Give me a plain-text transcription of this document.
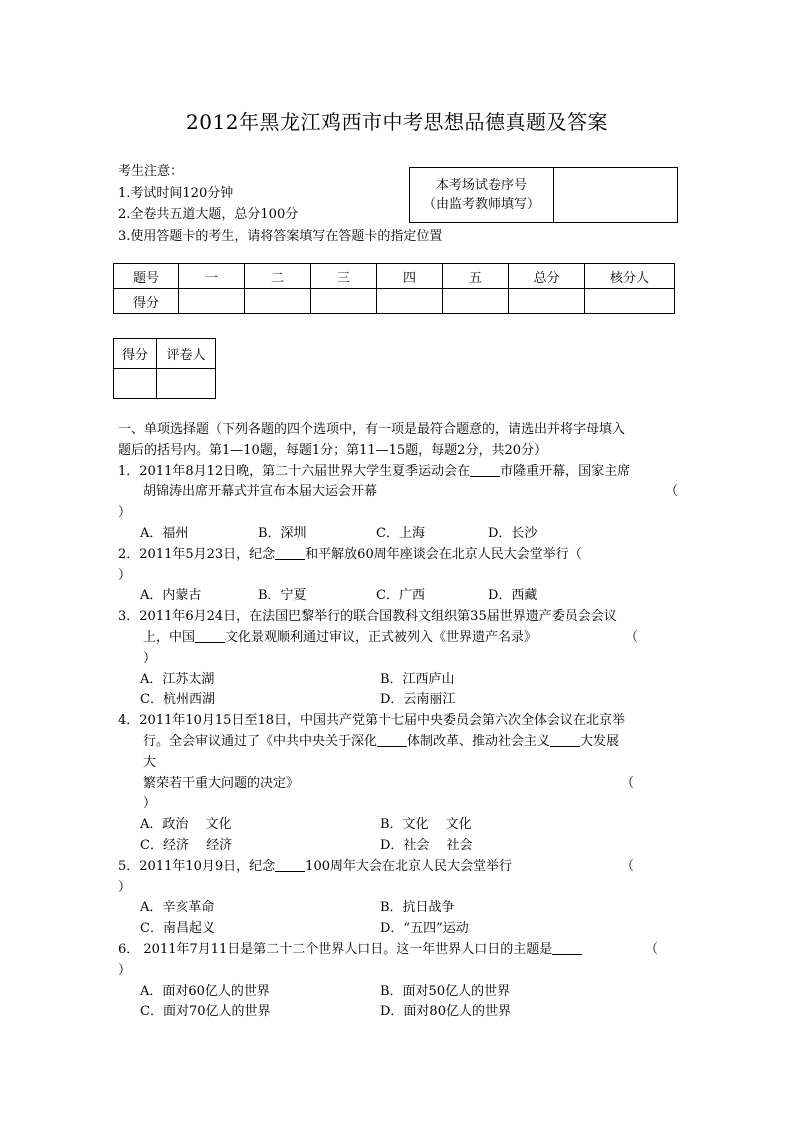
2012年黑龙江鸡西市中考思想品德真题及答案
考生注意：
1.考试时间120分钟
2.全卷共五道大题，总分100分
3.使用答题卡的考生，请将答案填写在答题卡的指定位置
本考场试卷序号
（由监考教师填写）

题号	一	二	三	四	五	总分	核分人
得分							
得分	评卷人

一、单项选择题（下列各题的四个选项中，有一项是最符合题意的，请选出并将字母填入
题后的括号内。第1—10题，每题1分；第11—15题，每题2分，共20分）
1．2011年8月12日晚，第二十六届世界大学生夏季运动会在 市隆重开幕，国家主席
胡锦涛出席开幕式并宣布本届大运会开幕	（
）
A．福州	B．深圳	C．上海	D．长沙
2．2011年5月23日，纪念 和平解放60周年座谈会在北京人民大会堂举行（
）
A．内蒙古	B．宁夏	C．广西	D．西藏
3．2011年6月24日，在法国巴黎举行的联合国教科文组织第35届世界遗产委员会会议
上，中国 文化景观顺利通过审议，正式被列入《世界遗产名录》	（
）
A．江苏太湖	B．江西庐山
C．杭州西湖	D．云南丽江
4．2011年10月15日至18日，中国共产党第十七届中央委员会第六次全体会议在北京举
行。全会审议通过了《中共中央关于深化 体制改革、推动社会主义 大发展
大
繁荣若干重大问题的决定》	（
）
A．政治　 文化	B．文化　 文化
C．经济　 经济	D．社会　 社会
5．2011年10月9日，纪念 100周年大会在北京人民大会堂举行	（
）
A．辛亥革命	B．抗日战争
C．南昌起义	D．“五四”运动
6． 2011年7月11日是第二十二个世界人口日。这一年世界人口日的主题是	（
）
A．面对60亿人的世界	B．面对50亿人的世界
C．面对70亿人的世界	D．面对80亿人的世界
